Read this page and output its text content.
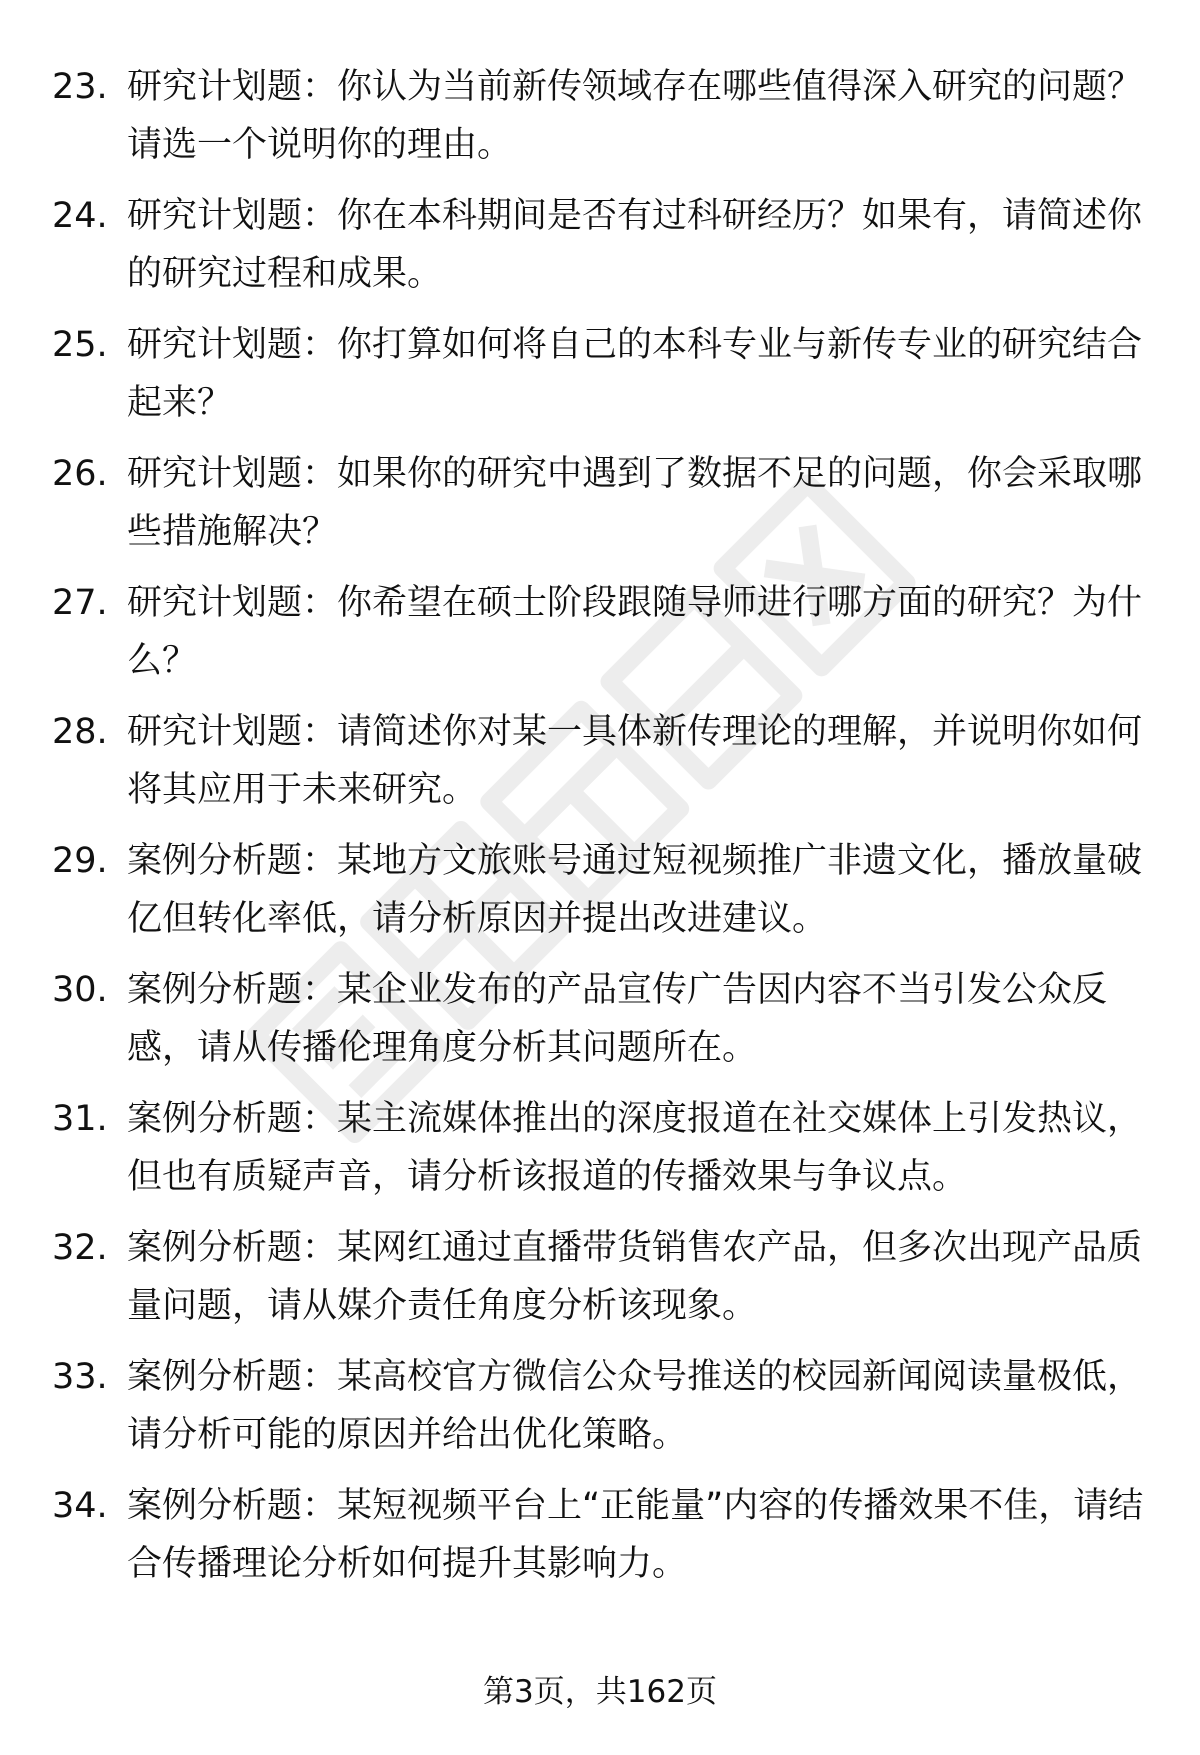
23. 研究计划题：你认为当前新传领域存在哪些值得深入研究的问题？请选一个说明你的理由。
24. 研究计划题：你在本科期间是否有过科研经历？如果有，请简述你的研究过程和成果。
25. 研究计划题：你打算如何将自己的本科专业与新传专业的研究结合起来？
26. 研究计划题：如果你的研究中遇到了数据不足的问题，你会采取哪些措施解决？
27. 研究计划题：你希望在硕士阶段跟随导师进行哪方面的研究？为什么？
28. 研究计划题：请简述你对某一具体新传理论的理解，并说明你如何将其应用于未来研究。
29. 案例分析题：某地方文旅账号通过短视频推广非遗文化，播放量破亿但转化率低，请分析原因并提出改进建议。
30. 案例分析题：某企业发布的产品宣传广告因内容不当引发公众反感，请从传播伦理角度分析其问题所在。
31. 案例分析题：某主流媒体推出的深度报道在社交媒体上引发热议，但也有质疑声音，请分析该报道的传播效果与争议点。
32. 案例分析题：某网红通过直播带货销售农产品，但多次出现产品质量问题，请从媒介责任角度分析该现象。
33. 案例分析题：某高校官方微信公众号推送的校园新闻阅读量极低，请分析可能的原因并给出优化策略。
34. 案例分析题：某短视频平台上“正能量”内容的传播效果不佳，请结合传播理论分析如何提升其影响力。
第3页，共162页
